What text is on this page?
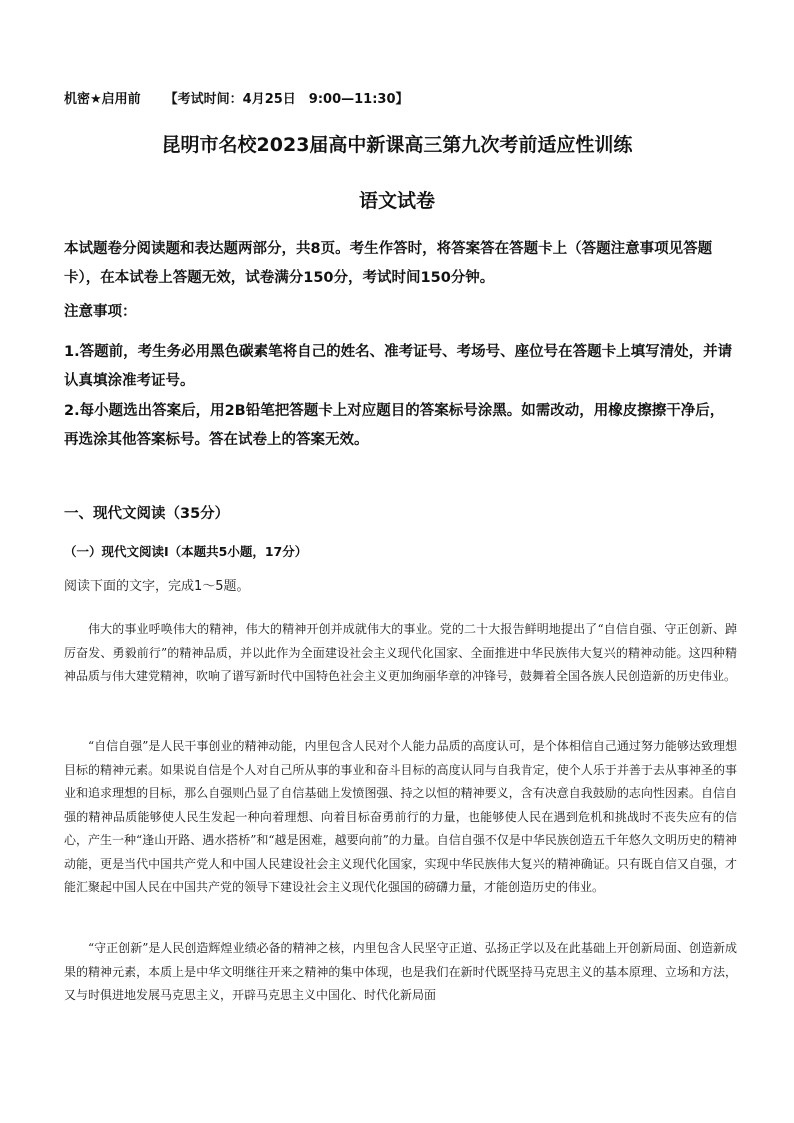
机密★启用前 【考试时间：4月25日　9:00—11:30】
昆明市名校2023届高中新课高三第九次考前适应性训练
语文试卷

本试题卷分阅读题和表达题两部分，共8页。考生作答时，将答案答在答题卡上（答题注意事项见答题卡），在本试卷上答题无效，试卷满分150分，考试时间150分钟。

注意事项：

1.答题前，考生务必用黑色碳素笔将自己的姓名、准考证号、考场号、座位号在答题卡上填写清处，并请认真填涂准考证号。

2.每小题选出答案后，用2B铅笔把答题卡上对应题目的答案标号涂黑。如需改动，用橡皮擦擦干净后，再选涂其他答案标号。答在试卷上的答案无效。

一、现代文阅读（35分）
（一）现代文阅读Ⅰ（本题共5小题，17分）
阅读下面的文字，完成1～5题。

伟大的事业呼唤伟大的精神，伟大的精神开创并成就伟大的事业。党的二十大报告鲜明地提出了“自信自强、守正创新、踔厉奋发、勇毅前行”的精神品质，并以此作为全面建设社会主义现代化国家、全面推进中华民族伟大复兴的精神动能。这四种精神品质与伟大建党精神，吹响了谱写新时代中国特色社会主义更加绚丽华章的冲锋号，鼓舞着全国各族人民创造新的历史伟业。

“自信自强”是人民干事创业的精神动能，内里包含人民对个人能力品质的高度认可，是个体相信自己通过努力能够达致理想目标的精神元素。如果说自信是个人对自己所从事的事业和奋斗目标的高度认同与自我肯定，使个人乐于并善于去从事神圣的事业和追求理想的目标，那么自强则凸显了自信基础上发愤图强、持之以恒的精神要义，含有决意自我鼓励的志向性因素。自信自强的精神品质能够使人民生发起一种向着理想、向着目标奋勇前行的力量，也能够使人民在遇到危机和挑战时不丧失应有的信心，产生一种“逢山开路、遇水搭桥”和“越是困难，越要向前”的力量。自信自强不仅是中华民族创造五千年悠久文明历史的精神动能，更是当代中国共产党人和中国人民建设社会主义现代化国家，实现中华民族伟大复兴的精神确证。只有既自信又自强，才能汇聚起中国人民在中国共产党的领导下建设社会主义现代化强国的磅礴力量，才能创造历史的伟业。

“守正创新”是人民创造辉煌业绩必备的精神之核，内里包含人民坚守正道、弘扬正学以及在此基础上开创新局面、创造新成果的精神元素，本质上是中华文明继往开来之精神的集中体现，也是我们在新时代既坚持马克思主义的基本原理、立场和方法，又与时俱进地发展马克思主义，开辟马克思主义中国化、时代化新局面
